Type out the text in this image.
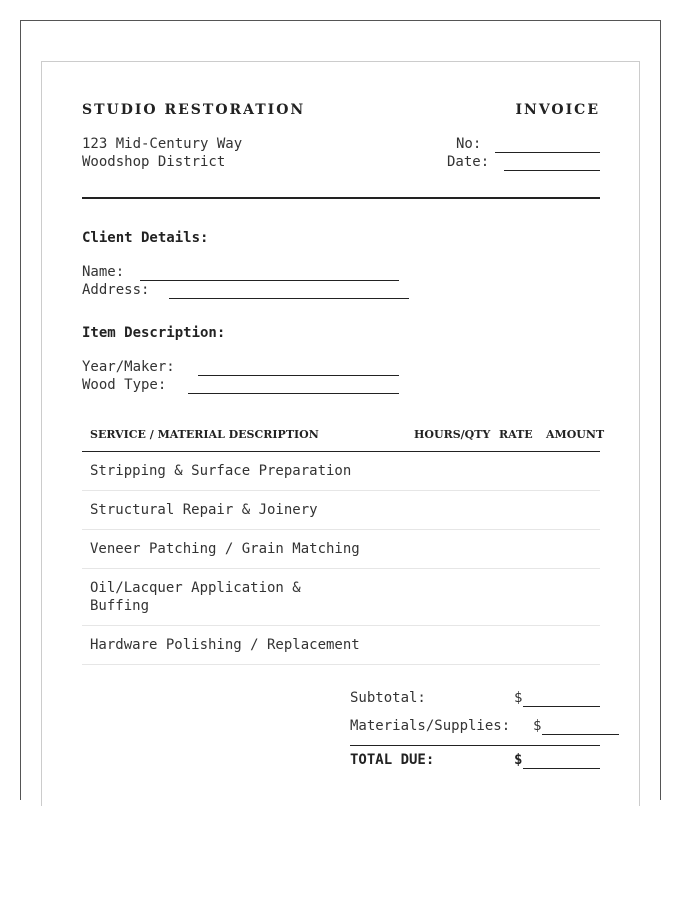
STUDIO RESTORATION	INVOICE
123 Mid-Century Way
Woodshop District
No:
Date:
Client Details:
Name:
Address:
Item Description:
Year/Maker:
Wood Type:
SERVICE / MATERIAL DESCRIPTION	HOURS/QTY RATE AMOUNT
Stripping & Surface Preparation
Structural Repair & Joinery
Veneer Patching / Grain Matching
Oil/Lacquer Application &
Buffing
Hardware Polishing / Replacement
Subtotal:	$
Materials/Supplies: $
TOTAL DUE:	$
